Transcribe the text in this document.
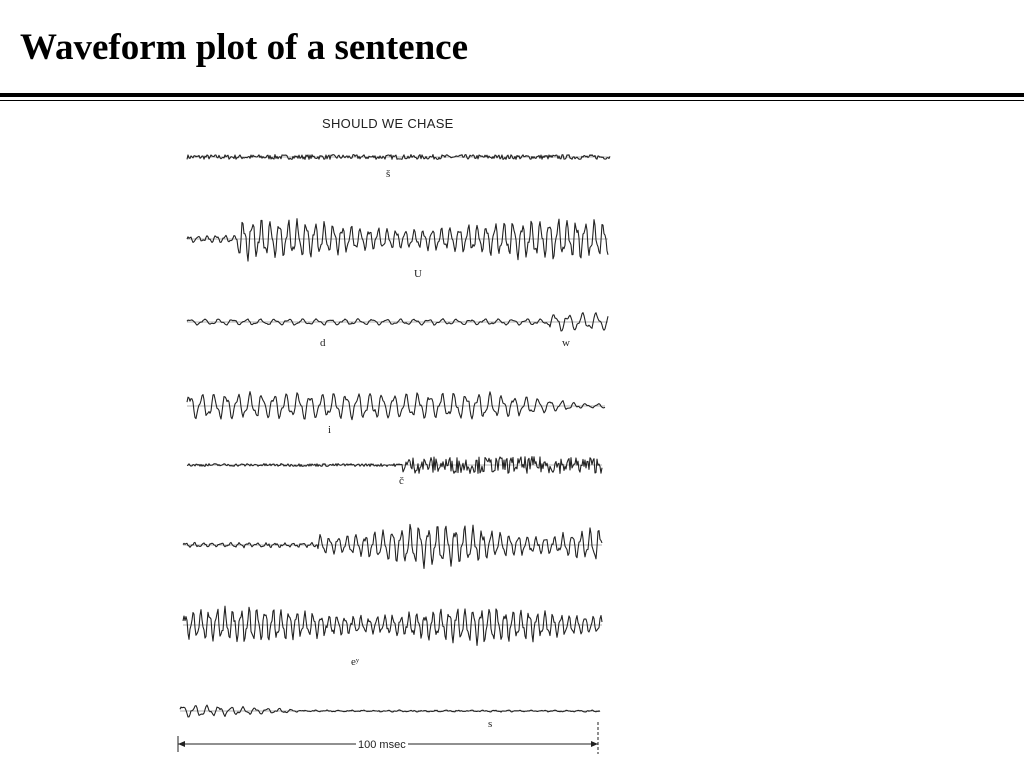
Waveform plot of a sentence
SHOULD WE CHASE
š
U
d	w
i
č
eʸ
s
100 msec
